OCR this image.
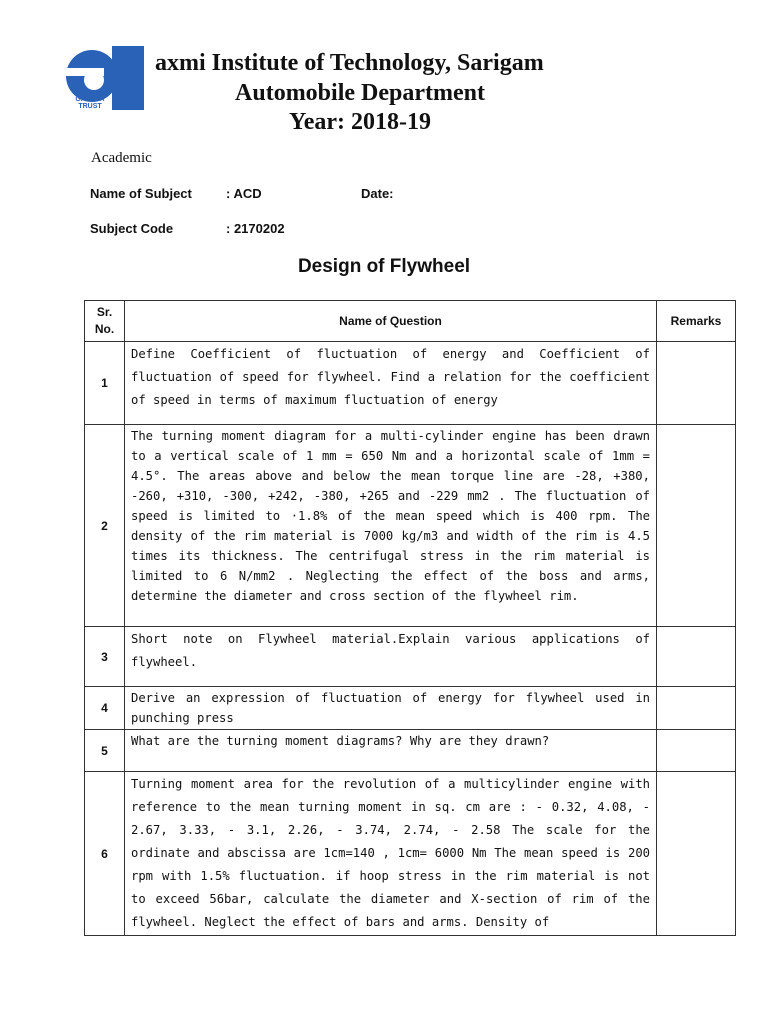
GAJERA TRUST
axmi Institute of Technology, Sarigam
Automobile Department
Year: 2018-19
Academic
Name of Subject	: ACD	Date:
Subject Code	: 2170202
Design of Flywheel
Sr. No.	Name of Question	Remarks
1	Define Coefficient of fluctuation of energy and Coefficient of fluctuation of speed for flywheel. Find a relation for the coefficient of speed in terms of maximum fluctuation of energy	
2	The turning moment diagram for a multi-cylinder engine has been drawn to a vertical scale of 1 mm = 650 Nm and a horizontal scale of 1mm = 4.5°. The areas above and below the mean torque line are -28, +380, -260, +310, -300, +242, -380, +265 and -229 mm2 . The fluctuation of speed is limited to ·1.8% of the mean speed which is 400 rpm. The density of the rim material is 7000 kg/m3 and width of the rim is 4.5 times its thickness. The centrifugal stress in the rim material is limited to 6 N/mm2 . Neglecting the effect of the boss and arms, determine the diameter and cross section of the flywheel rim.	
3	Short note on Flywheel material.Explain various applications of flywheel.	
4	Derive an expression of fluctuation of energy for flywheel used in punching press	
5	What are the turning moment diagrams? Why are they drawn?	
6	Turning moment area for the revolution of a multicylinder engine with reference to the mean turning moment in sq. cm are : - 0.32, 4.08, - 2.67, 3.33, - 3.1, 2.26, - 3.74, 2.74, - 2.58 The scale for the ordinate and abscissa are 1cm=140 , 1cm= 6000 Nm The mean speed is 200 rpm with 1.5% fluctuation. if hoop stress in the rim material is not to exceed 56bar, calculate the diameter and X-section of rim of the flywheel. Neglect the effect of bars and arms. Density of	
